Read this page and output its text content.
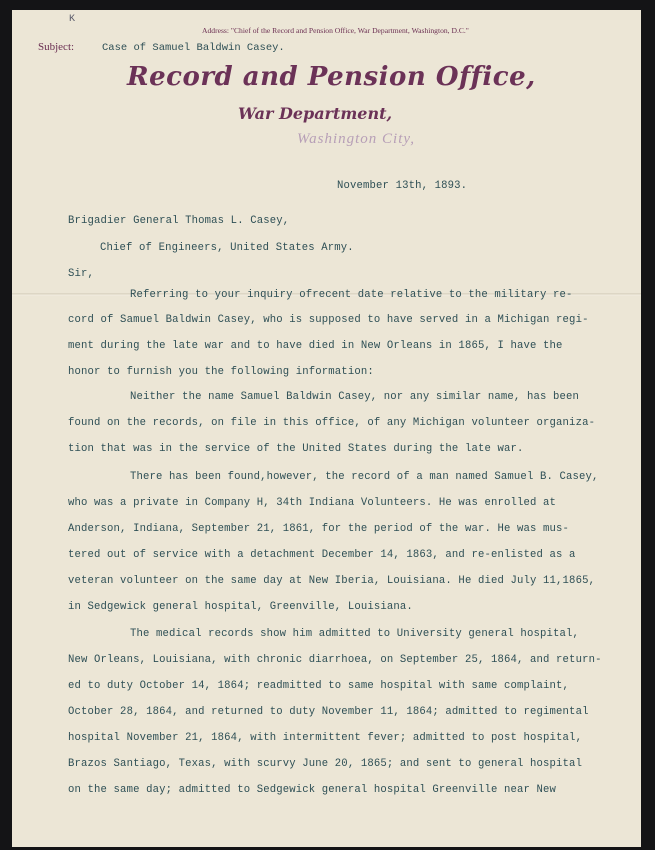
K
Address: "Chief of the Record and Pension Office, War Department, Washington, D.C."
Subject:	Case of Samuel Baldwin Casey.
Record and Pension Office,
War Department,
Washington City,
November 13th, 1893.
Brigadier General Thomas L. Casey,
Chief of Engineers, United States Army.
Sir,
Referring to your inquiry ofrecent date relative to the military re-
cord of Samuel Baldwin Casey, who is supposed to have served in a Michigan regi-
ment during the late war and to have died in New Orleans in 1865, I have the
honor to furnish you the following information:
Neither the name Samuel Baldwin Casey, nor any similar name, has been
found on the records, on file in this office, of any Michigan volunteer organiza-
tion that was in the service of the United States during the late war.
There has been found,however, the record of a man named Samuel B. Casey,
who was a private in Company H, 34th Indiana Volunteers. He was enrolled at
Anderson, Indiana, September 21, 1861, for the period of the war. He was mus-
tered out of service with a detachment December 14, 1863, and re-enlisted as a
veteran volunteer on the same day at New Iberia, Louisiana. He died July 11,1865,
in Sedgewick general hospital, Greenville, Louisiana.
The medical records show him admitted to University general hospital,
New Orleans, Louisiana, with chronic diarrhoea, on September 25, 1864, and return-
ed to duty October 14, 1864; readmitted to same hospital with same complaint,
October 28, 1864, and returned to duty November 11, 1864; admitted to regimental
hospital November 21, 1864, with intermittent fever; admitted to post hospital,
Brazos Santiago, Texas, with scurvy June 20, 1865; and sent to general hospital
on the same day; admitted to Sedgewick general hospital Greenville near New
